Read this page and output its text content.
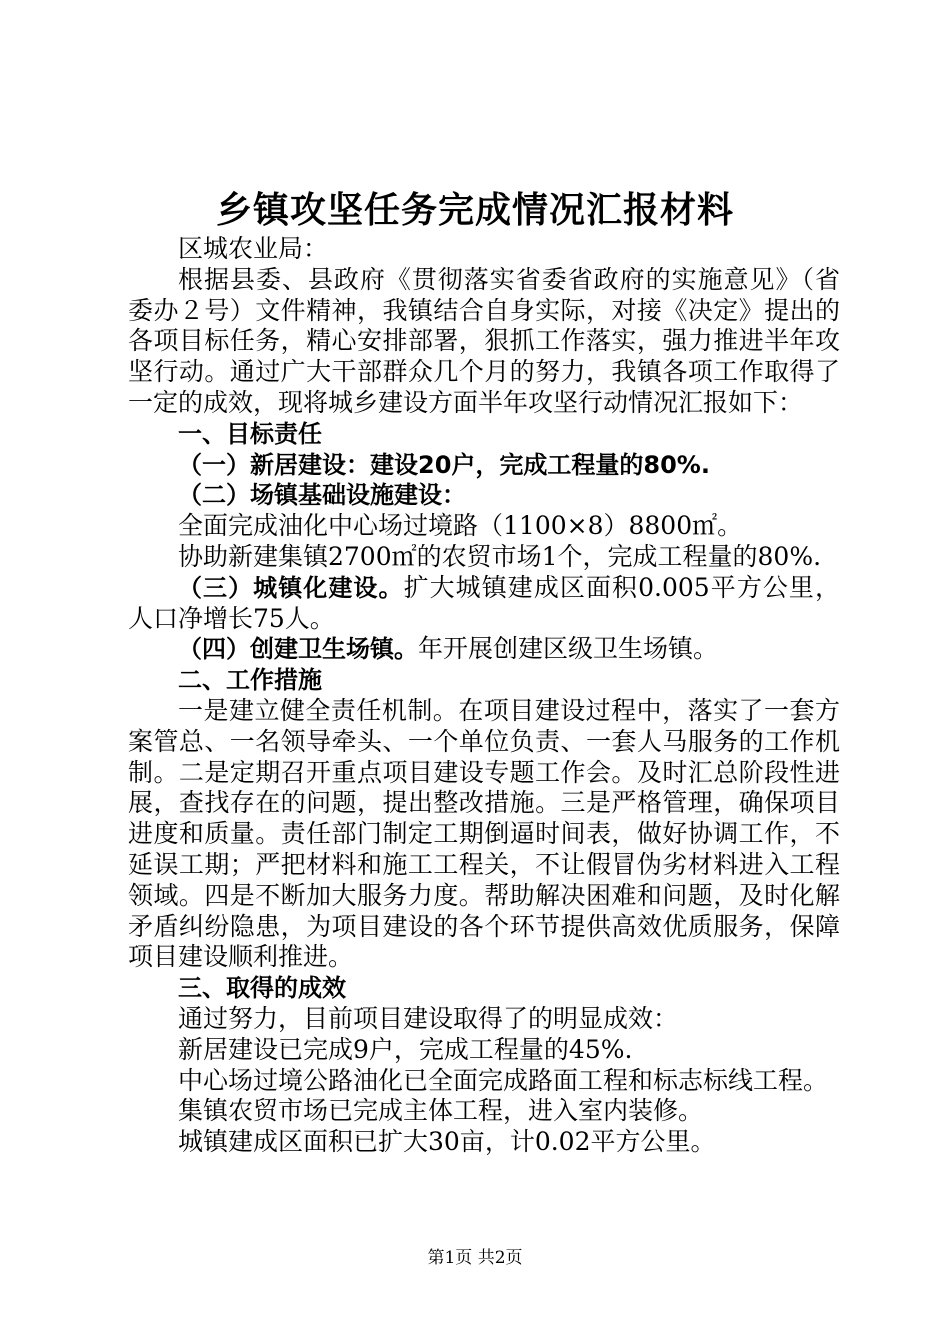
乡镇攻坚任务完成情况汇报材料

区城农业局：

根据县委、县政府《贯彻落实省委省政府的实施意见》（省委办２号）文件精神，我镇结合自身实际，对接《决定》提出的各项目标任务，精心安排部署，狠抓工作落实，强力推进半年攻坚行动。通过广大干部群众几个月的努力，我镇各项工作取得了一定的成效，现将城乡建设方面半年攻坚行动情况汇报如下：

一、目标责任

（一）新居建设：建设20户，完成工程量的80%.

（二）场镇基础设施建设：

全面完成油化中心场过境路（1100×8）8800㎡。

协助新建集镇2700㎡的农贸市场1个，完成工程量的80%.

（三）城镇化建设。扩大城镇建成区面积0.005平方公里，人口净增长75人。

（四）创建卫生场镇。年开展创建区级卫生场镇。

二、工作措施

一是建立健全责任机制。在项目建设过程中，落实了一套方案管总、一名领导牵头、一个单位负责、一套人马服务的工作机制。二是定期召开重点项目建设专题工作会。及时汇总阶段性进展，查找存在的问题，提出整改措施。三是严格管理，确保项目进度和质量。责任部门制定工期倒逼时间表，做好协调工作，不延误工期；严把材料和施工工程关，不让假冒伪劣材料进入工程领域。四是不断加大服务力度。帮助解决困难和问题，及时化解矛盾纠纷隐患，为项目建设的各个环节提供高效优质服务，保障项目建设顺利推进。

三、取得的成效

通过努力，目前项目建设取得了的明显成效：

新居建设已完成9户，完成工程量的45%.

中心场过境公路油化已全面完成路面工程和标志标线工程。

集镇农贸市场已完成主体工程，进入室内装修。

城镇建成区面积已扩大30亩，计0.02平方公里。

第1页 共2页
